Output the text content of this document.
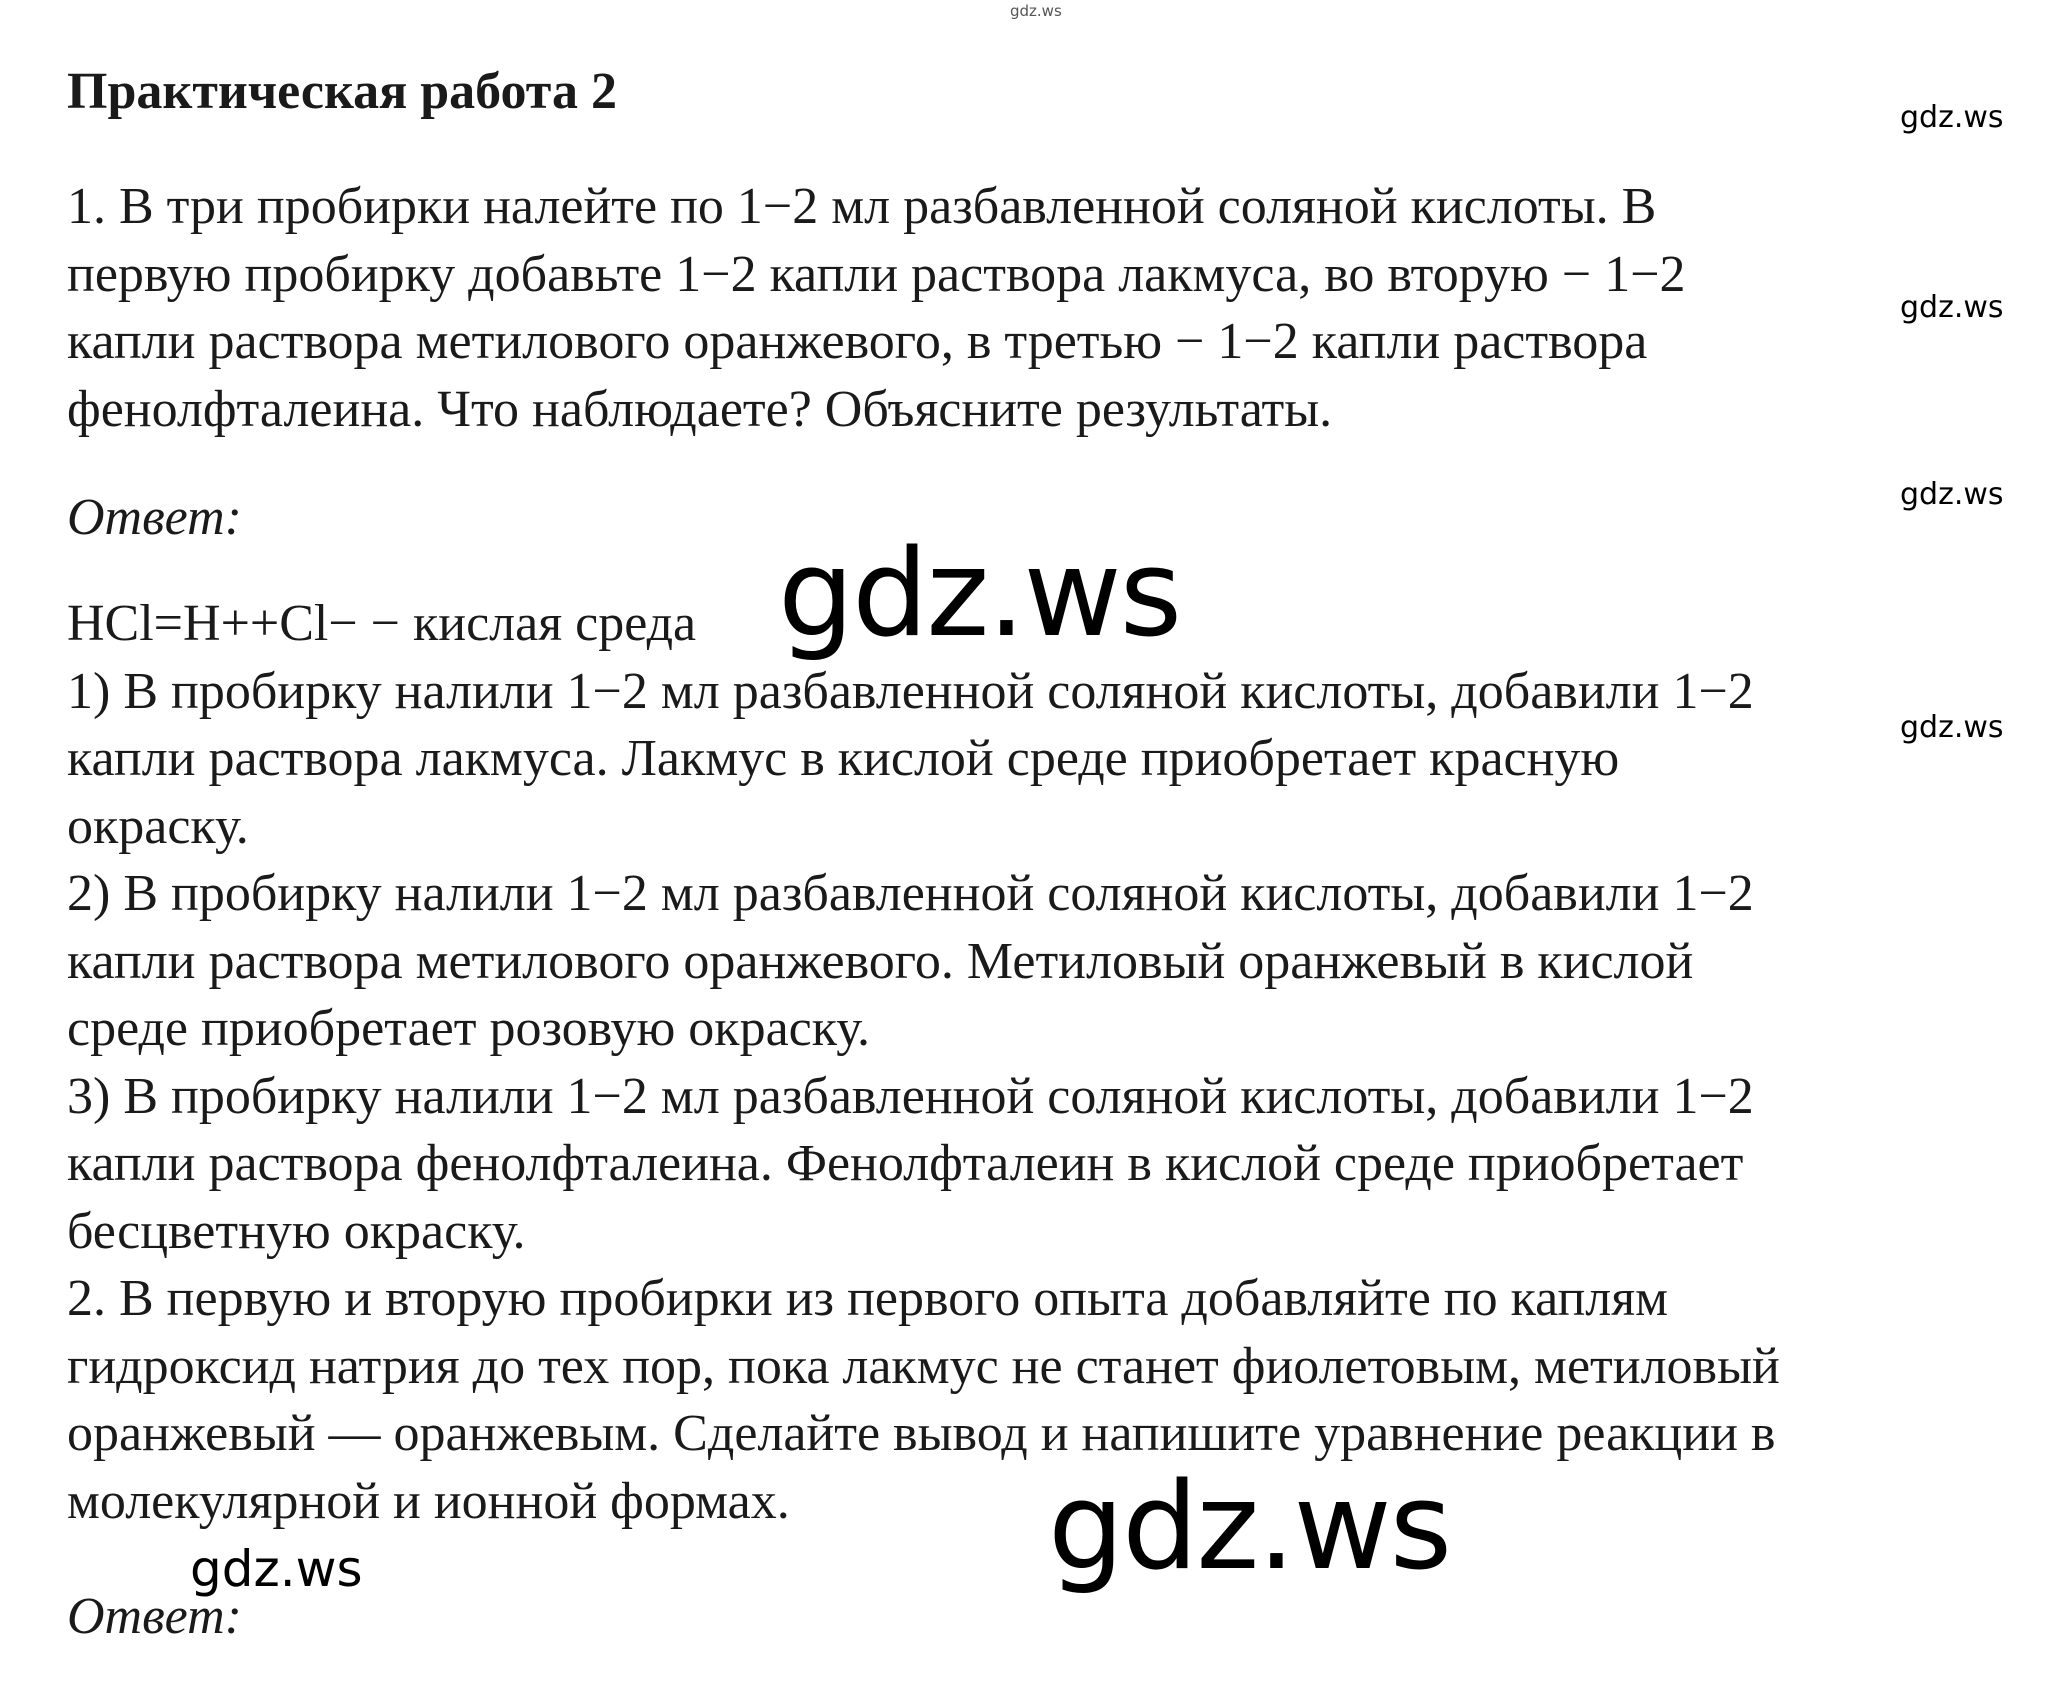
gdz.ws
Практическая работа 2
1. В три пробирки налейте по 1−2 мл разбавленной соляной кислоты. В
первую пробирку добавьте 1−2 капли раствора лакмуса, во вторую − 1−2
капли раствора метилового оранжевого, в третью − 1−2 капли раствора
фенолфталеина. Что наблюдаете? Объясните результаты.
Ответ:
HCl=H++Cl− − кислая среда
1) В пробирку налили 1−2 мл разбавленной соляной кислоты, добавили 1−2
капли раствора лакмуса. Лакмус в кислой среде приобретает красную
окраску.
2) В пробирку налили 1−2 мл разбавленной соляной кислоты, добавили 1−2
капли раствора метилового оранжевого. Метиловый оранжевый в кислой
среде приобретает розовую окраску.
3) В пробирку налили 1−2 мл разбавленной соляной кислоты, добавили 1−2
капли раствора фенолфталеина. Фенолфталеин в кислой среде приобретает
бесцветную окраску.
2. В первую и вторую пробирки из первого опыта добавляйте по каплям
гидроксид натрия до тех пор, пока лакмус не станет фиолетовым, метиловый
оранжевый — оранжевым. Сделайте вывод и напишите уравнение реакции в
молекулярной и ионной формах.
Ответ:
gdz.ws
gdz.ws
gdz.ws
gdz.ws
gdz.ws
gdz.ws
gdz.ws
